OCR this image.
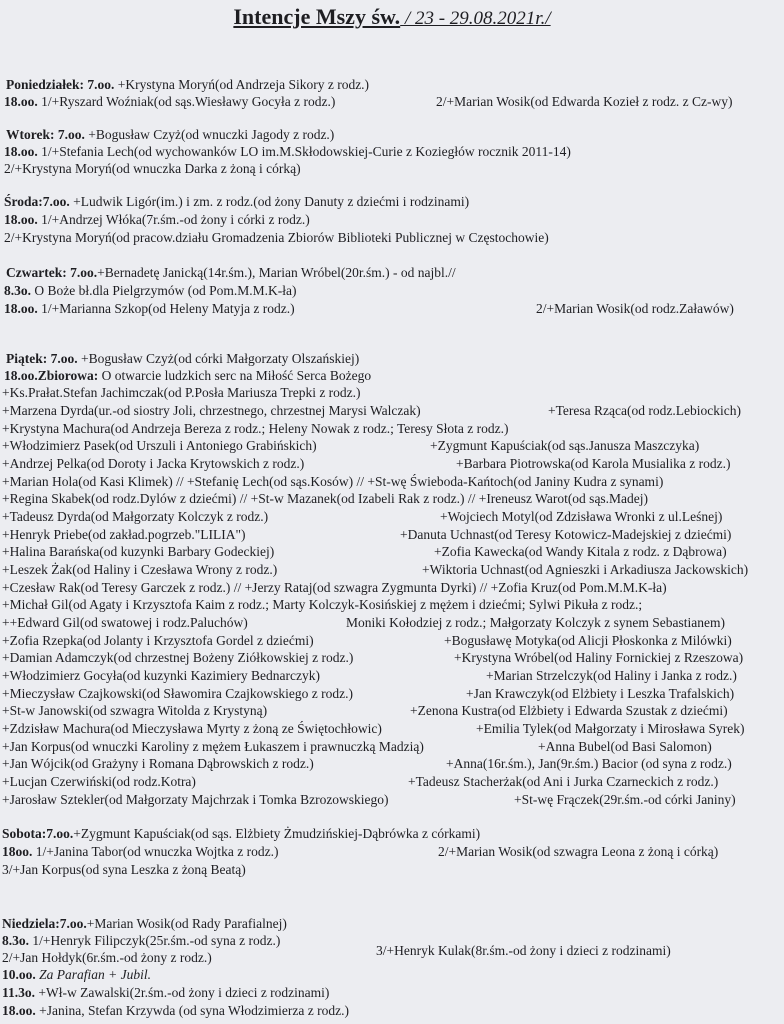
Intencje Mszy św. / 23 - 29.08.2021r./
Poniedziałek: 7.oo. +Krystyna Moryń(od Andrzeja Sikory z rodz.)
18.oo. 1/+Ryszard Woźniak(od sąs.Wiesławy Gocyła z rodz.)	2/+Marian Wosik(od Edwarda Kozieł z rodz. z Cz-wy)
Wtorek: 7.oo. +Bogusław Czyż(od wnuczki Jagody z rodz.)
18.oo. 1/+Stefania Lech(od wychowanków LO im.M.Skłodowskiej-Curie z Koziegłów rocznik 2011-14)
2/+Krystyna Moryń(od wnuczka Darka z żoną i córką)
Środa:7.oo. +Ludwik Ligór(im.) i zm. z rodz.(od żony Danuty z dziećmi i rodzinami)
18.oo. 1/+Andrzej Włóka(7r.śm.-od żony i córki z rodz.)
2/+Krystyna Moryń(od pracow.działu Gromadzenia Zbiorów Biblioteki Publicznej w Częstochowie)
Czwartek: 7.oo.+Bernadetę Janicką(14r.śm.), Marian Wróbel(20r.śm.) - od najbl.//
8.3o. O Boże bł.dla Pielgrzymów (od Pom.M.M.K-ła)
18.oo. 1/+Marianna Szkop(od Heleny Matyja z rodz.)	2/+Marian Wosik(od rodz.Załawów)
Piątek: 7.oo. +Bogusław Czyż(od córki Małgorzaty Olszańskiej)
18.oo.Zbiorowa: O otwarcie ludzkich serc na Miłość Serca Bożego
+Ks.Prałat.Stefan Jachimczak(od P.Posła Mariusza Trepki z rodz.)
+Marzena Dyrda(ur.-od siostry Joli, chrzestnego, chrzestnej Marysi Walczak)	+Teresa Rząca(od rodz.Lebiockich)
+Krystyna Machura(od Andrzeja Bereza z rodz.; Heleny Nowak z rodz.; Teresy Słota z rodz.)
+Włodzimierz Pasek(od Urszuli i Antoniego Grabińskich)	+Zygmunt Kapuściak(od sąs.Janusza Maszczyka)
+Andrzej Pelka(od Doroty i Jacka Krytowskich z rodz.)	+Barbara Piotrowska(od Karola Musialika z rodz.)
+Marian Hola(od Kasi Klimek) // +Stefanię Lech(od sąs.Kosów) // +St-wę Świeboda-Kańtoch(od Janiny Kudra z synami)
+Regina Skabek(od rodz.Dylów z dziećmi) // +St-w Mazanek(od Izabeli Rak z rodz.) // +Ireneusz Warot(od sąs.Madej)
+Tadeusz Dyrda(od Małgorzaty Kolczyk z rodz.)	+Wojciech Motyl(od Zdzisława Wronki z ul.Leśnej)
+Henryk Priebe(od zakład.pogrzeb."LILIA")	+Danuta Uchnast(od Teresy Kotowicz-Madejskiej z dziećmi)
+Halina Barańska(od kuzynki Barbary Godeckiej)	+Zofia Kawecka(od Wandy Kitala z rodz. z Dąbrowa)
+Leszek Żak(od Haliny i Czesława Wrony z rodz.)	+Wiktoria Uchnast(od Agnieszki i Arkadiusza Jackowskich)
+Czesław Rak(od Teresy Garczek z rodz.) // +Jerzy Rataj(od szwagra Zygmunta Dyrki) // +Zofia Kruz(od Pom.M.M.K-ła)
+Michał Gil(od Agaty i Krzysztofa Kaim z rodz.; Marty Kolczyk-Kosińskiej z mężem i dziećmi; Sylwi Pikuła z rodz.;
++Edward Gil(od swatowej i rodz.Paluchów)	Moniki Kołodziej z rodz.; Małgorzaty Kolczyk z synem Sebastianem)
+Zofia Rzepka(od Jolanty i Krzysztofa Gordel z dziećmi)	+Bogusławę Motyka(od Alicji Płoskonka z Milówki)
+Damian Adamczyk(od chrzestnej Bożeny Ziółkowskiej z rodz.)	+Krystyna Wróbel(od Haliny Fornickiej z Rzeszowa)
+Włodzimierz Gocyła(od kuzynki Kazimiery Bednarczyk)	+Marian Strzelczyk(od Haliny i Janka z rodz.)
+Mieczysław Czajkowski(od Sławomira Czajkowskiego z rodz.)	+Jan Krawczyk(od Elżbiety i Leszka Trafalskich)
+St-w Janowski(od szwagra Witolda z Krystyną)	+Zenona Kustra(od Elżbiety i Edwarda Szustak z dziećmi)
+Zdzisław Machura(od Mieczysława Myrty z żoną ze Świętochłowic)	+Emilia Tylek(od Małgorzaty i Mirosława Syrek)
+Jan Korpus(od wnuczki Karoliny z mężem Łukaszem i prawnuczką Madzią)	+Anna Bubel(od Basi Salomon)
+Jan Wójcik(od Grażyny i Romana Dąbrowskich z rodz.)	+Anna(16r.śm.), Jan(9r.śm.) Bacior (od syna z rodz.)
+Lucjan Czerwiński(od rodz.Kotra)	+Tadeusz Stacherżak(od Ani i Jurka Czarneckich z rodz.)
+Jarosław Sztekler(od Małgorzaty Majchrzak i Tomka Bzrozowskiego)	+St-wę Frączek(29r.śm.-od córki Janiny)
Sobota:7.oo.+Zygmunt Kapuściak(od sąs. Elżbiety Żmudzińskiej-Dąbrówka z córkami)
18oo. 1/+Janina Tabor(od wnuczka Wojtka z rodz.)	2/+Marian Wosik(od szwagra Leona z żoną i córką)
3/+Jan Korpus(od syna Leszka z żoną Beatą)
Niedziela:7.oo.+Marian Wosik(od Rady Parafialnej)
8.3o. 1/+Henryk Filipczyk(25r.śm.-od syna z rodz.)
2/+Jan Hołdyk(6r.śm.-od żony z rodz.)	3/+Henryk Kulak(8r.śm.-od żony i dzieci z rodzinami)
10.oo. Za Parafian + Jubil.
11.3o. +Wł-w Zawalski(2r.śm.-od żony i dzieci z rodzinami)
18.oo. +Janina, Stefan Krzywda (od syna Włodzimierza z rodz.)
